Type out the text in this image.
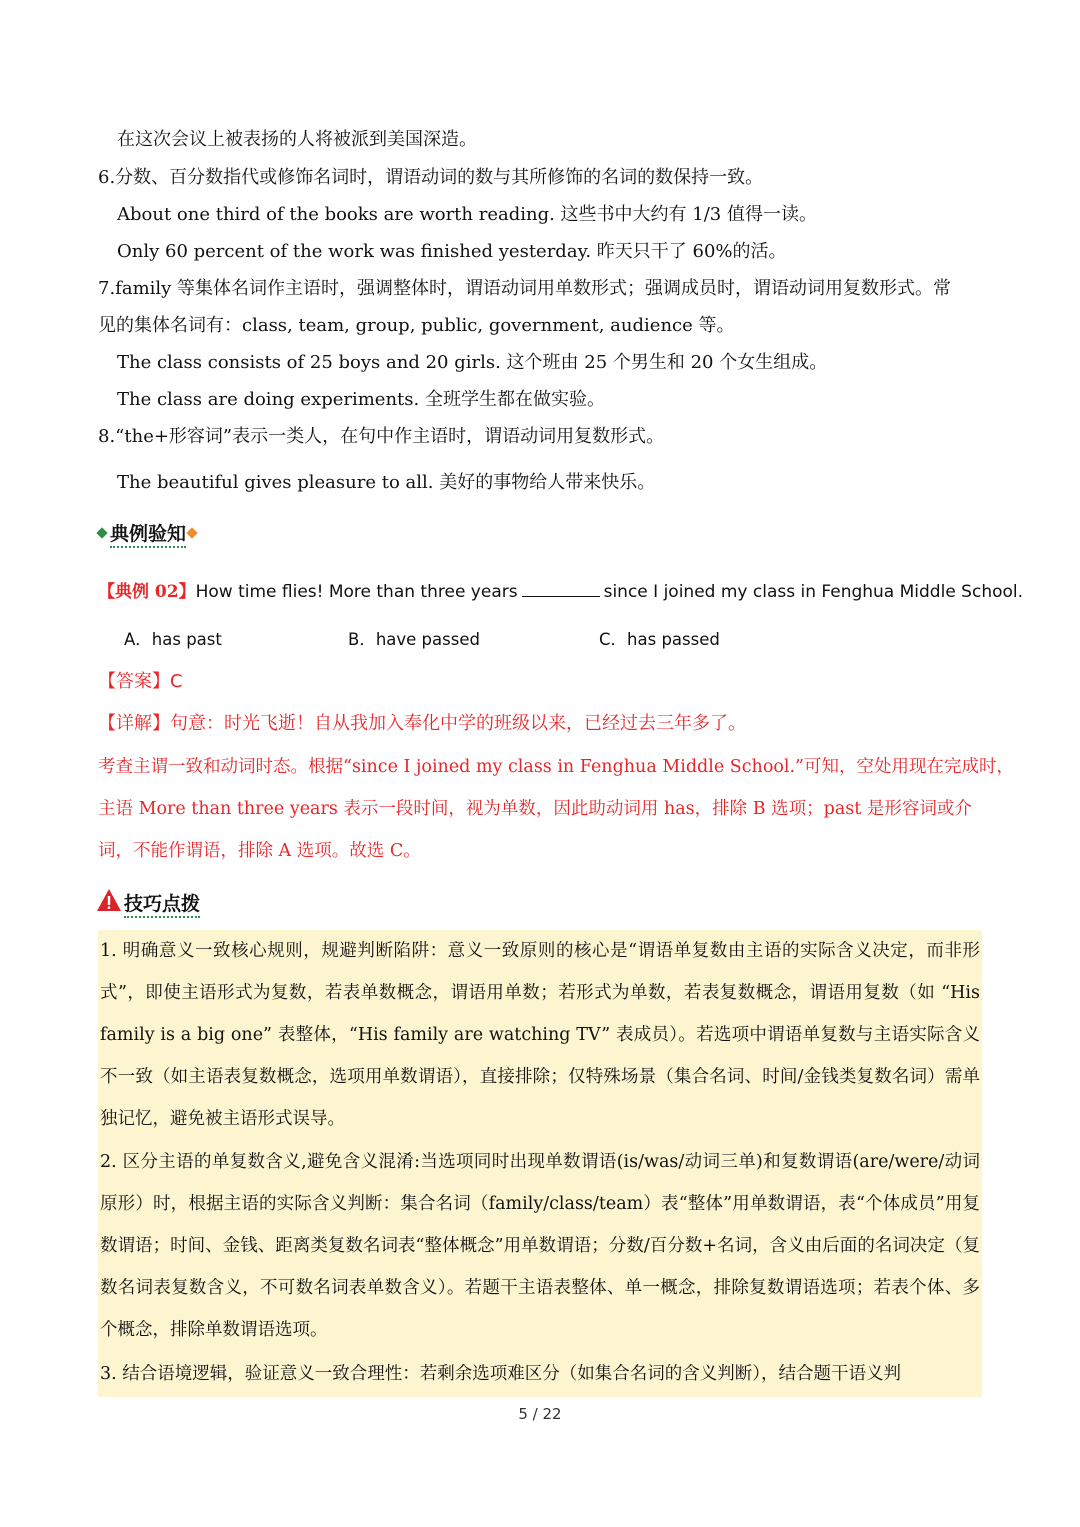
在这次会议上被表扬的人将被派到美国深造。
6.分数、百分数指代或修饰名词时，谓语动词的数与其所修饰的名词的数保持一致。
About one third of the books are worth reading. 这些书中大约有 1/3 值得一读。
Only 60 percent of the work was finished yesterday. 昨天只干了 60%的活。
7.family 等集体名词作主语时，强调整体时，谓语动词用单数形式；强调成员时，谓语动词用复数形式。常
见的集体名词有：class, team, group, public, government, audience 等。
The class consists of 25 boys and 20 girls. 这个班由 25 个男生和 20 个女生组成。
The class are doing experiments. 全班学生都在做实验。
8.“the+形容词”表示一类人，在句中作主语时，谓语动词用复数形式。
The beautiful gives pleasure to all. 美好的事物给人带来快乐。
典例验知
【典例 02】How time flies! More than three years	since I joined my class in Fenghua Middle School.
A．has past	B．have passed	C．has passed
【答案】C
【详解】句意：时光飞逝！自从我加入奉化中学的班级以来，已经过去三年多了。
考查主谓一致和动词时态。根据“since I joined my class in Fenghua Middle School.”可知，空处用现在完成时，
主语 More than three years 表示一段时间，视为单数，因此助动词用 has，排除 B 选项；past 是形容词或介
词，不能作谓语，排除 A 选项。故选 C。
技巧点拨
1. 明确意义一致核心规则，规避判断陷阱：意义一致原则的核心是“谓语单复数由主语的实际含义决定，而非形式”，即使主语形式为复数，若表单数概念，谓语用单数；若形式为单数，若表复数概念，谓语用复数（如 “His family is a big one” 表整体，“His family are watching TV” 表成员）。若选项中谓语单复数与主语实际含义不一致（如主语表复数概念，选项用单数谓语），直接排除；仅特殊场景（集合名词、时间/金钱类复数名词）需单独记忆，避免被主语形式误导。
2. 区分主语的单复数含义,避免含义混淆:当选项同时出现单数谓语(is/was/动词三单)和复数谓语(are/were/动词原形）时，根据主语的实际含义判断：集合名词（family/class/team）表“整体”用单数谓语，表“个体成员”用复数谓语；时间、金钱、距离类复数名词表“整体概念”用单数谓语；分数/百分数+名词，含义由后面的名词决定（复数名词表复数含义，不可数名词表单数含义）。若题干主语表整体、单一概念，排除复数谓语选项；若表个体、多个概念，排除单数谓语选项。
3. 结合语境逻辑，验证意义一致合理性：若剩余选项难区分（如集合名词的含义判断），结合题干语义判
5 / 22
